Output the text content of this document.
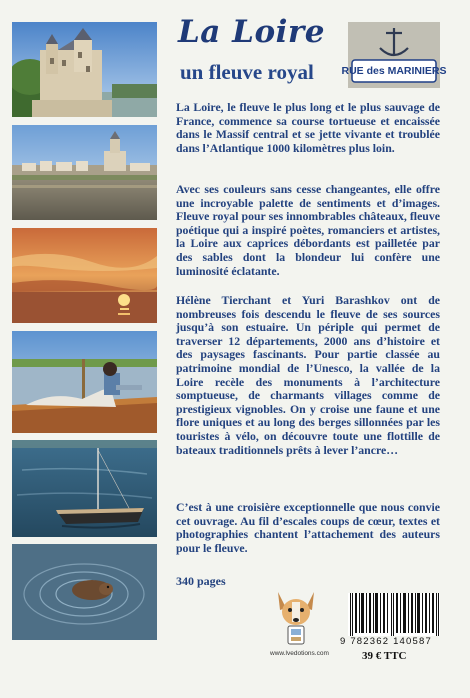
La Loire
un fleuve royal	RUE des MARINIERS

La Loire, le fleuve le plus long et le plus sauvage de France, commence sa course tortueuse et encaissée dans le Massif central et se jette vivante et troublée dans l’Atlantique 1000 kilomètres plus loin.

Avec ses couleurs sans cesse changeantes, elle offre une incroyable palette de sentiments et d’images. Fleuve royal pour ses innombrables châteaux, fleuve poétique qui a inspiré poètes, romanciers et artistes, la Loire aux caprices débordants est pailletée par des sables dont la blondeur lui confère une luminosité éclatante.

Hélène Tierchant et Yuri Barashkov ont de nombreuses fois descendu le fleuve de ses sources jusqu’à son estuaire. Un périple qui permet de traverser 12 départements, 2000 ans d’histoire et des paysages fascinants. Pour partie classée au patrimoine mondial de l’Unesco, la vallée de la Loire recèle des monuments à l’architecture somptueuse, de charmants villages comme de prestigieux vignobles. On y croise une faune et une flore uniques et au long des berges sillonnées par les touristes à vélo, on découvre toute une flottille de bateaux traditionnels prêts à lever l’ancre…

C’est à une croisière exceptionnelle que nous convie cet ouvrage. Au fil d’escales coups de cœur, textes et photographies chantent l’attachement des auteurs pour le fleuve.

340 pages

www.lvedotions.com
9 782362 140587
39 € TTC
